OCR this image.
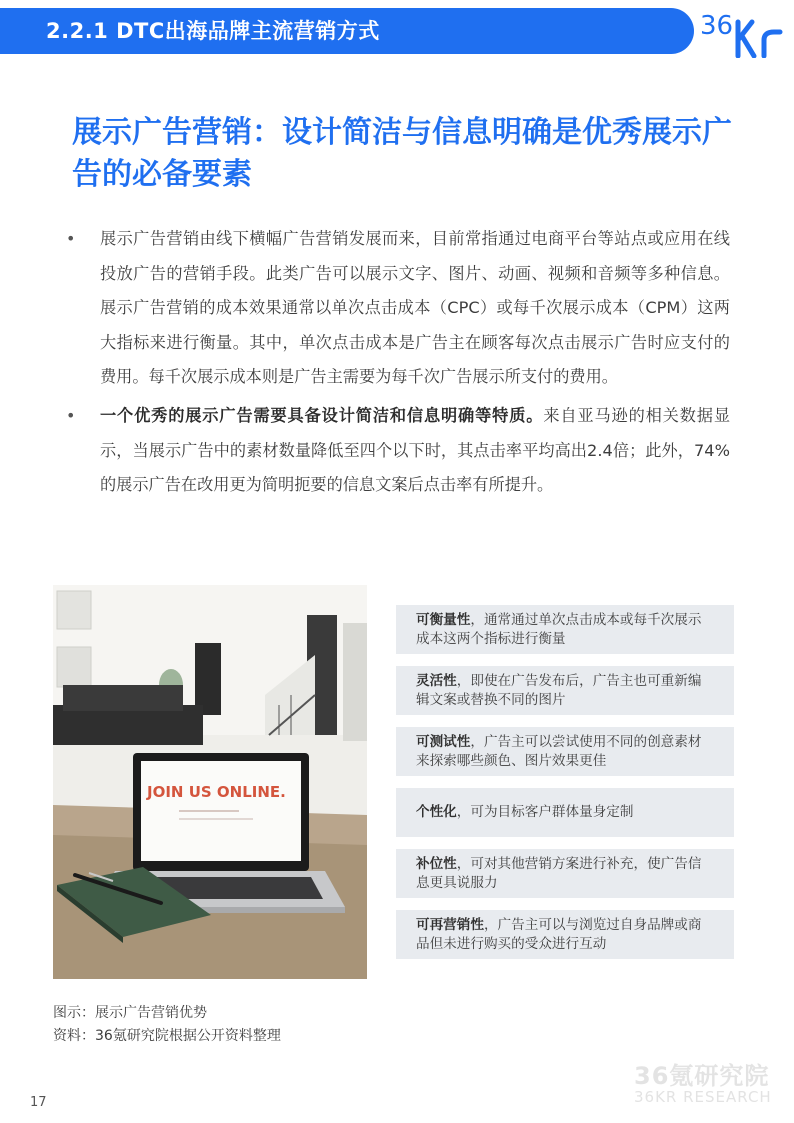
2.2.1 DTC出海品牌主流营销方式	36
展示广告营销：设计简洁与信息明确是优秀展示广告的必备要素
• 展示广告营销由线下横幅广告营销发展而来，目前常指通过电商平台等站点或应用在线投放广告的营销手段。此类广告可以展示文字、图片、动画、视频和音频等多种信息。展示广告营销的成本效果通常以单次点击成本（CPC）或每千次展示成本（CPM）这两大指标来进行衡量。其中，单次点击成本是广告主在顾客每次点击展示广告时应支付的费用。每千次展示成本则是广告主需要为每千次广告展示所支付的费用。
• 一个优秀的展示广告需要具备设计简洁和信息明确等特质。来自亚马逊的相关数据显示，当展示广告中的素材数量降低至四个以下时，其点击率平均高出2.4倍；此外，74%的展示广告在改用更为简明扼要的信息文案后点击率有所提升。
JOIN US ONLINE.
可衡量性，通常通过单次点击成本或每千次展示成本这两个指标进行衡量
灵活性，即使在广告发布后，广告主也可重新编辑文案或替换不同的图片
可测试性，广告主可以尝试使用不同的创意素材来探索哪些颜色、图片效果更佳
个性化，可为目标客户群体量身定制
补位性，可对其他营销方案进行补充，使广告信息更具说服力
可再营销性，广告主可以与浏览过自身品牌或商品但未进行购买的受众进行互动
图示：展示广告营销优势
资料：36氪研究院根据公开资料整理
36氪研究院
36KR RESEARCH
17
